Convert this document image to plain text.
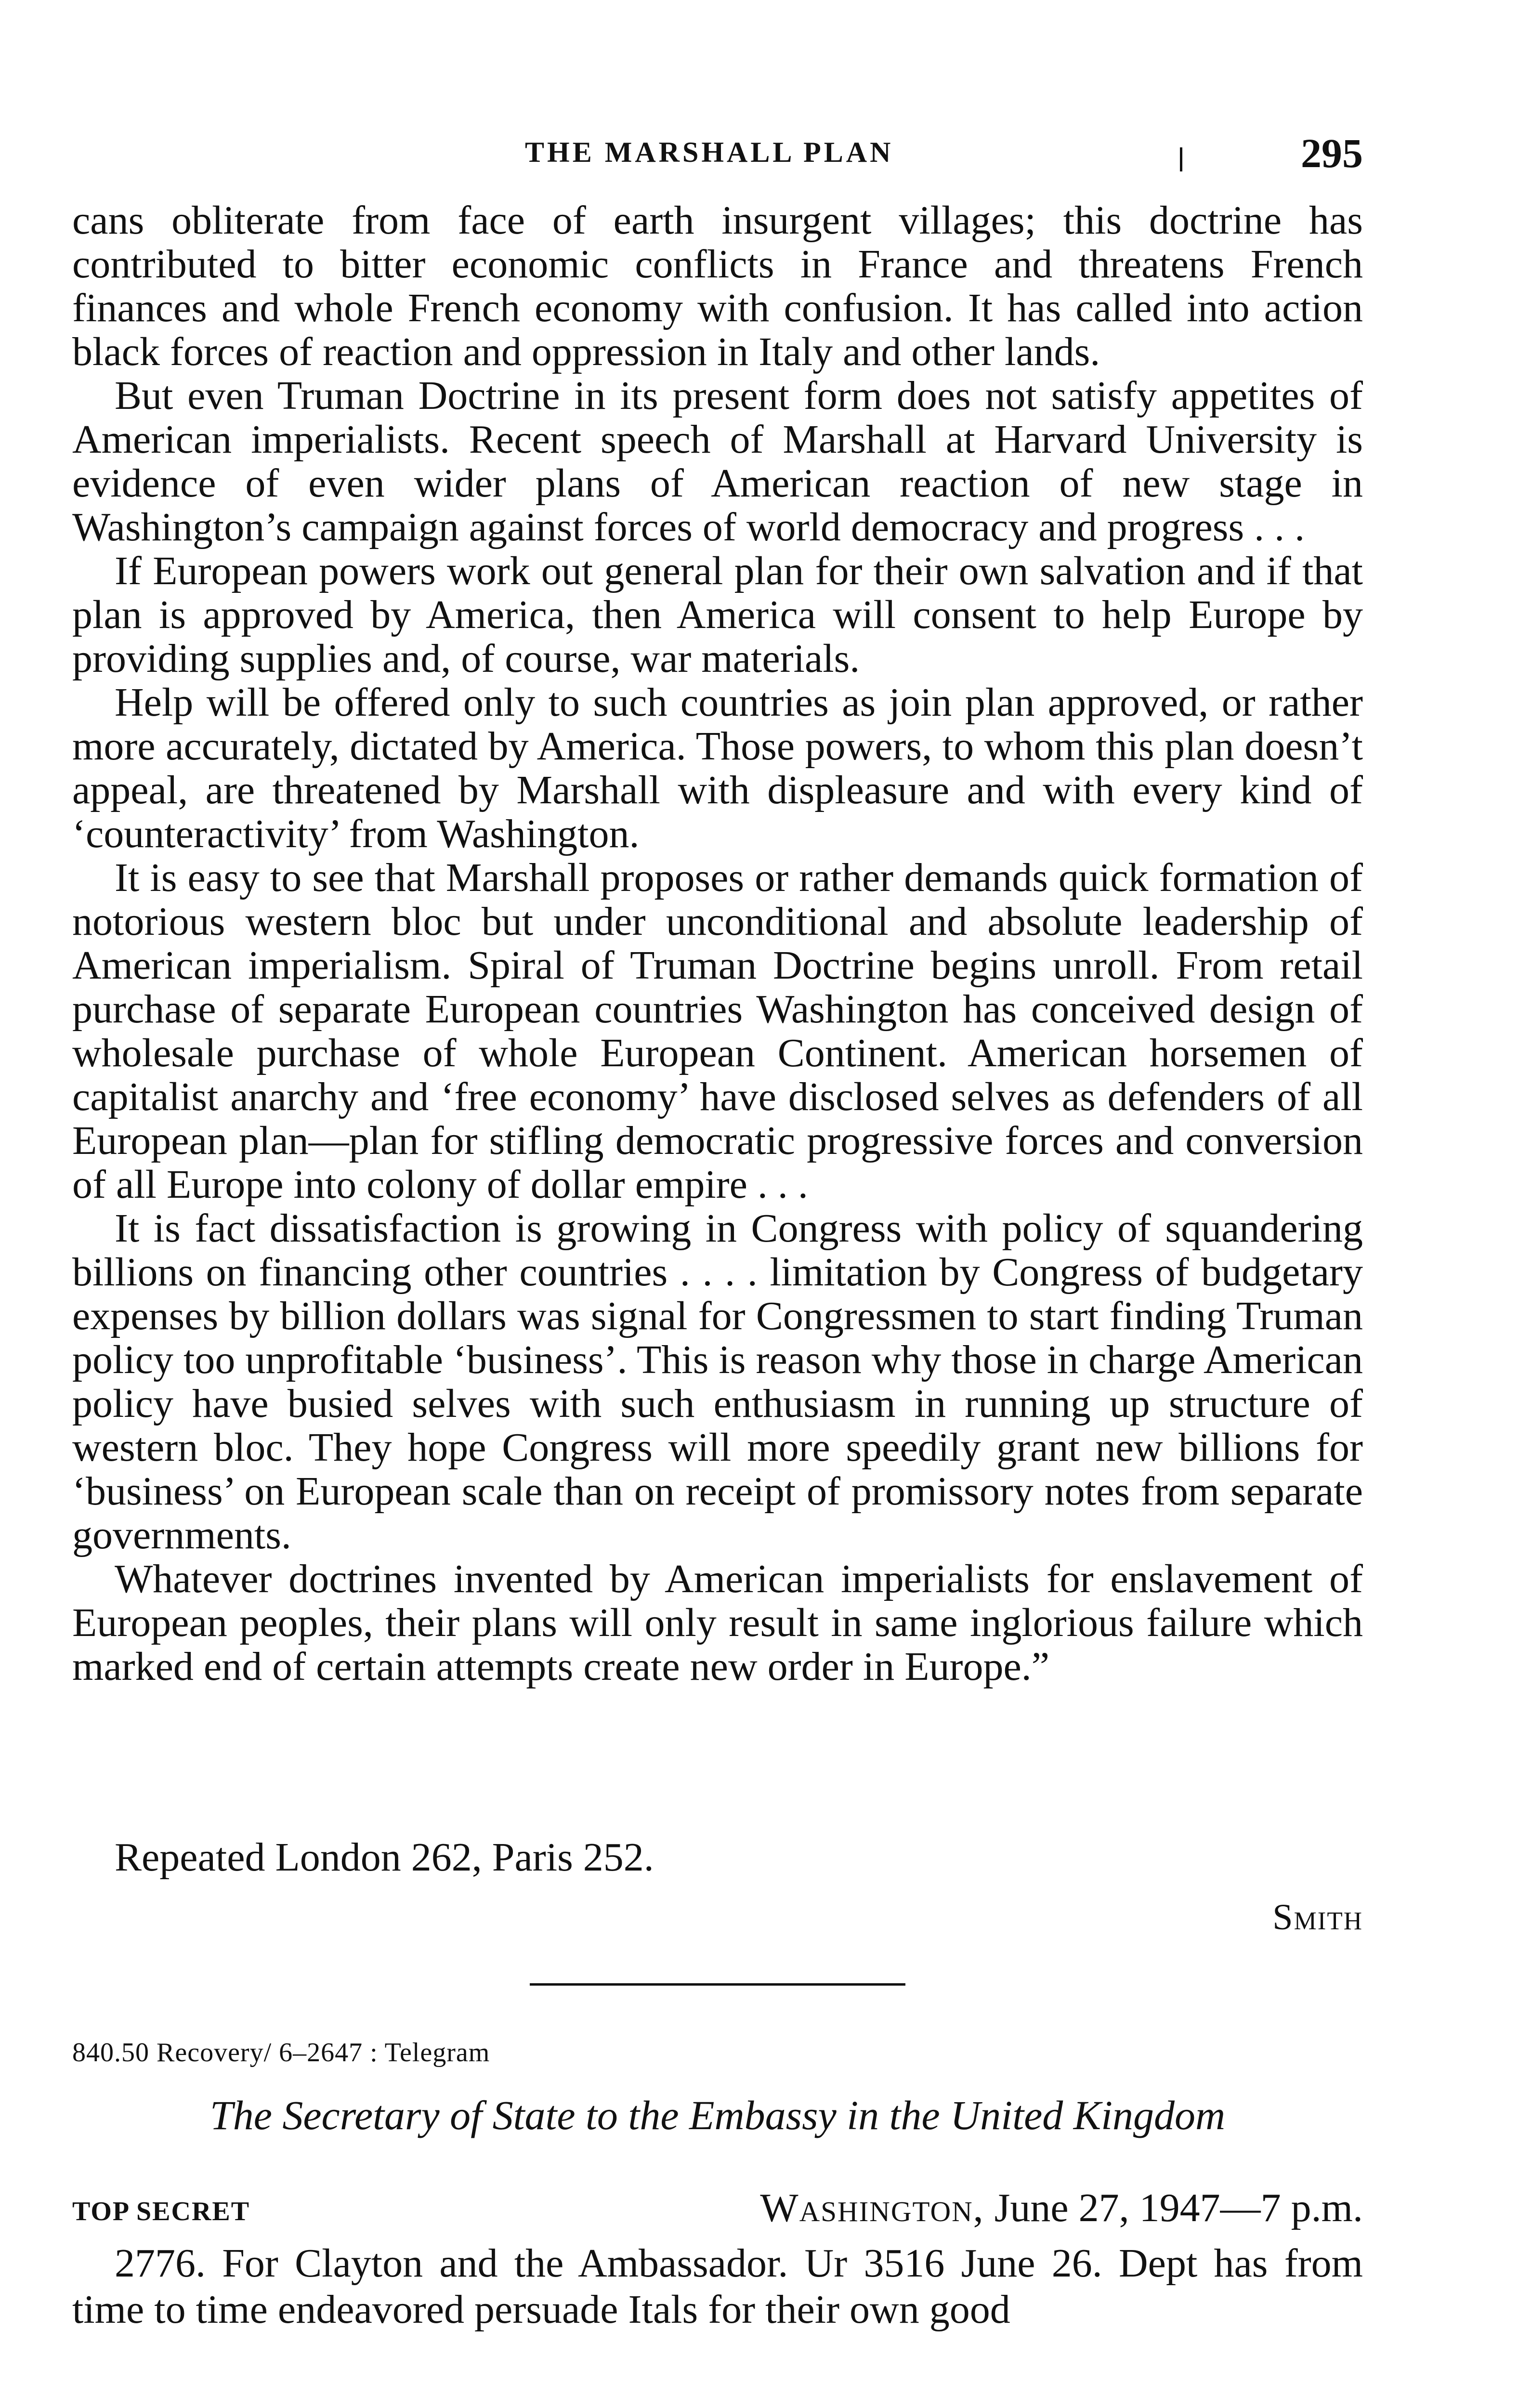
THE MARSHALL PLAN	295

cans obliterate from face of earth insurgent villages; this doctrine has contributed to bitter economic conflicts in France and threatens French finances and whole French economy with confusion. It has called into action black forces of reaction and oppression in Italy and other lands.

But even Truman Doctrine in its present form does not satisfy appetites of American imperialists. Recent speech of Marshall at Harvard University is evidence of even wider plans of American reaction of new stage in Washington’s campaign against forces of world democracy and progress . . .

If European powers work out general plan for their own salvation and if that plan is approved by America, then America will consent to help Europe by providing supplies and, of course, war materials.

Help will be offered only to such countries as join plan approved, or rather more accurately, dictated by America. Those powers, to whom this plan doesn’t appeal, are threatened by Marshall with displeasure and with every kind of ‘counteractivity’ from Washington.

It is easy to see that Marshall proposes or rather demands quick formation of notorious western bloc but under unconditional and absolute leadership of American imperialism. Spiral of Truman Doctrine begins unroll. From retail purchase of separate European countries Washington has conceived design of wholesale purchase of whole European Continent. American horsemen of capitalist anarchy and ‘free economy’ have disclosed selves as defenders of all European plan—plan for stifling democratic progressive forces and conversion of all Europe into colony of dollar empire . . .

It is fact dissatisfaction is growing in Congress with policy of squandering billions on financing other countries . . . . limitation by Congress of budgetary expenses by billion dollars was signal for Congressmen to start finding Truman policy too unprofitable ‘business’. This is reason why those in charge American policy have busied selves with such enthusiasm in running up structure of western bloc. They hope Congress will more speedily grant new billions for ‘business’ on European scale than on receipt of promissory notes from separate governments.

Whatever doctrines invented by American imperialists for enslavement of European peoples, their plans will only result in same inglorious failure which marked end of certain attempts create new order in Europe.”

Repeated London 262, Paris 252.
Smith
840.50 Recovery/ 6–2647 : Telegram
The Secretary of State to the Embassy in the United Kingdom
TOP SECRET	Washington, June 27, 1947—7 p.m.
2776. For Clayton and the Ambassador. Ur 3516 June 26. Dept has from time to time endeavored persuade Itals for their own good
